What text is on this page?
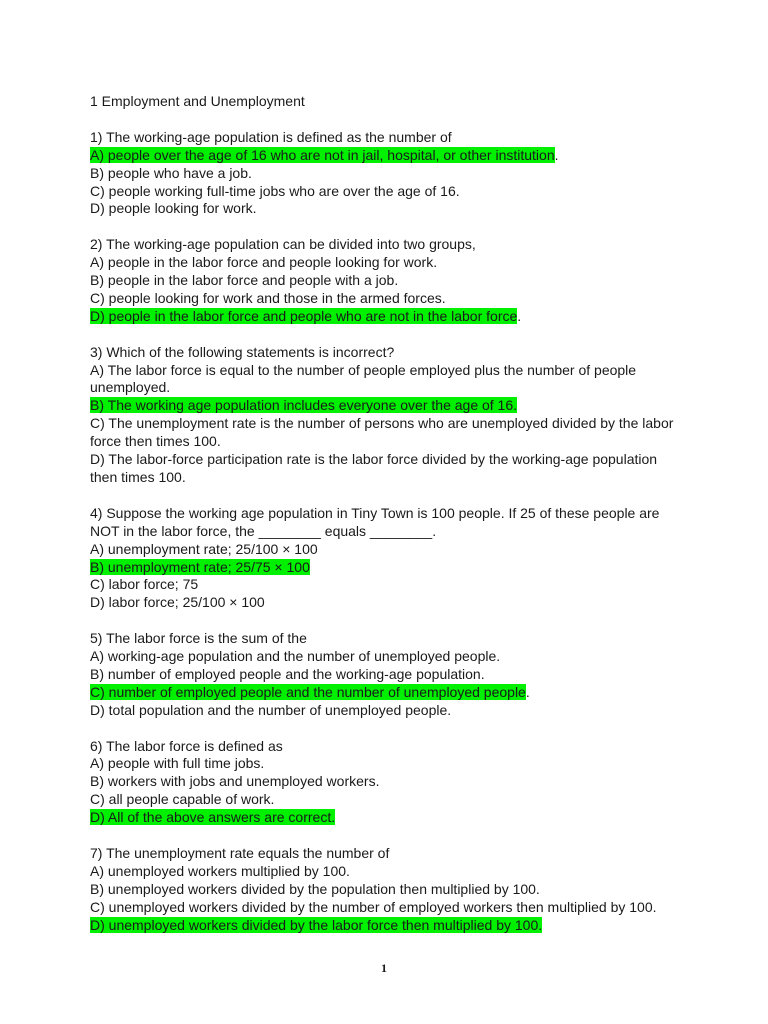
1 Employment and Unemployment
1) The working-age population is defined as the number of
A) people over the age of 16 who are not in jail, hospital, or other institution.
B) people who have a job.
C) people working full-time jobs who are over the age of 16.
D) people looking for work.
2) The working-age population can be divided into two groups,
A) people in the labor force and people looking for work.
B) people in the labor force and people with a job.
C) people looking for work and those in the armed forces.
D) people in the labor force and people who are not in the labor force.
3) Which of the following statements is incorrect?
A) The labor force is equal to the number of people employed plus the number of people unemployed.
B) The working age population includes everyone over the age of 16.
C) The unemployment rate is the number of persons who are unemployed divided by the labor force then times 100.
D) The labor-force participation rate is the labor force divided by the working-age population then times 100.
4) Suppose the working age population in Tiny Town is 100 people. If 25 of these people are NOT in the labor force, the ________ equals ________.
A) unemployment rate; 25/100 × 100
B) unemployment rate; 25/75 × 100
C) labor force; 75
D) labor force; 25/100 × 100
5) The labor force is the sum of the
A) working-age population and the number of unemployed people.
B) number of employed people and the working-age population.
C) number of employed people and the number of unemployed people.
D) total population and the number of unemployed people.
6) The labor force is defined as
A) people with full time jobs.
B) workers with jobs and unemployed workers.
C) all people capable of work.
D) All of the above answers are correct.
7) The unemployment rate equals the number of
A) unemployed workers multiplied by 100.
B) unemployed workers divided by the population then multiplied by 100.
C) unemployed workers divided by the number of employed workers then multiplied by 100.
D) unemployed workers divided by the labor force then multiplied by 100.
1
